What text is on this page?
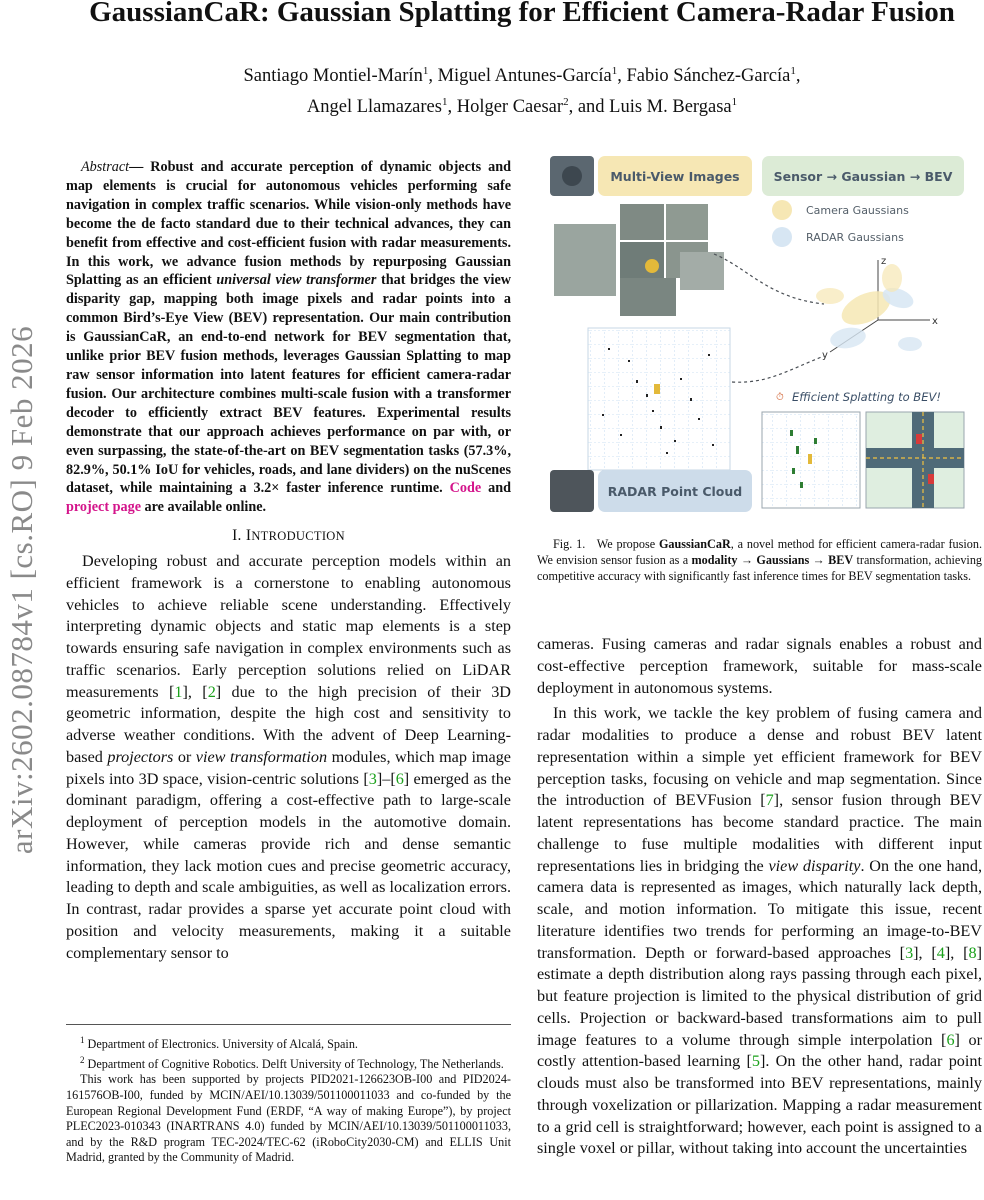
arXiv:2602.08784v1 [cs.RO] 9 Feb 2026
GaussianCaR: Gaussian Splatting for Efficient Camera-Radar Fusion
Santiago Montiel-Marín$^1$, Miguel Antunes-García$^1$, Fabio Sánchez-García$^1$,
Angel Llamazares$^1$, Holger Caesar$^2$, and Luis M. Bergasa$^1$

Abstract— Robust and accurate perception of dynamic objects and map elements is crucial for autonomous vehicles performing safe navigation in complex traffic scenarios. While vision-only methods have become the de facto standard due to their technical advances, they can benefit from effective and cost-efficient fusion with radar measurements. In this work, we advance fusion methods by repurposing Gaussian Splatting as an efficient universal view transformer that bridges the view disparity gap, mapping both image pixels and radar points into a common Bird’s-Eye View (BEV) representation. Our main contribution is GaussianCaR, an end-to-end network for BEV segmentation that, unlike prior BEV fusion methods, leverages Gaussian Splatting to map raw sensor information into latent features for efficient camera-radar fusion. Our architecture combines multi-scale fusion with a transformer decoder to efficiently extract BEV features. Experimental results demonstrate that our approach achieves performance on par with, or even surpassing, the state-of-the-art on BEV segmentation tasks (57.3%, 82.9%, 50.1% IoU for vehicles, roads, and lane dividers) on the nuScenes dataset, while maintaining a 3.2× faster inference runtime. Code and project page are available online.

I. INTRODUCTION

Developing robust and accurate perception models within an efficient framework is a cornerstone to enabling autonomous vehicles to achieve reliable scene understanding. Effectively interpreting dynamic objects and static map elements is a step towards ensuring safe navigation in complex environments such as traffic scenarios. Early perception solutions relied on LiDAR measurements [1], [2] due to the high precision of their 3D geometric information, despite the high cost and sensitivity to adverse weather conditions. With the advent of Deep Learning-based projectors or view transformation modules, which map image pixels into 3D space, vision-centric solutions [3]–[6] emerged as the dominant paradigm, offering a cost-effective path to large-scale deployment of perception models in the automotive domain. However, while cameras provide rich and dense semantic information, they lack motion cues and precise geometric accuracy, leading to depth and scale ambiguities, as well as localization errors. In contrast, radar provides a sparse yet accurate point cloud with position and velocity measurements, making it a suitable complementary sensor to

$^1$ Department of Electronics. University of Alcalá, Spain.

$^2$ Department of Cognitive Robotics. Delft University of Technology, The Netherlands.

This work has been supported by projects PID2021-126623OB-I00 and PID2024-161576OB-I00, funded by MCIN/AEI/10.13039/501100011033 and co-funded by the European Regional Development Fund (ERDF, “A way of making Europe”), by project PLEC2023-010343 (INARTRANS 4.0) funded by MCIN/AEI/10.13039/501100011033, and by the R&D program TEC-2024/TEC-62 (iRoboCity2030-CM) and ELLIS Unit Madrid, granted by the Community of Madrid.

Multi-View Images	Sensor → Gaussian → BEV
Camera Gaussians
RADAR Gaussians
z
x
y
⏱ Efficient Splatting to BEV!
RADAR Point Cloud
Fig. 1. We propose GaussianCaR, a novel method for efficient camera-radar fusion. We envision sensor fusion as a modality → Gaussians → BEV transformation, achieving competitive accuracy with significantly fast inference times for BEV segmentation tasks.

cameras. Fusing cameras and radar signals enables a robust and cost-effective perception framework, suitable for mass-scale deployment in autonomous systems.

In this work, we tackle the key problem of fusing camera and radar modalities to produce a dense and robust BEV latent representation within a simple yet efficient framework for BEV perception tasks, focusing on vehicle and map segmentation. Since the introduction of BEVFusion [7], sensor fusion through BEV latent representations has become standard practice. The main challenge to fuse multiple modalities with different input representations lies in bridging the view disparity. On the one hand, camera data is represented as images, which naturally lack depth, scale, and motion information. To mitigate this issue, recent literature identifies two trends for performing an image-to-BEV transformation. Depth or forward-based approaches [3], [4], [8] estimate a depth distribution along rays passing through each pixel, but feature projection is limited to the physical distribution of grid cells. Projection or backward-based transformations aim to pull image features to a volume through simple interpolation [6] or costly attention-based learning [5]. On the other hand, radar point clouds must also be transformed into BEV representations, mainly through voxelization or pillarization. Mapping a radar measurement to a grid cell is straightforward; however, each point is assigned to a single voxel or pillar, without taking into account the uncertainties
